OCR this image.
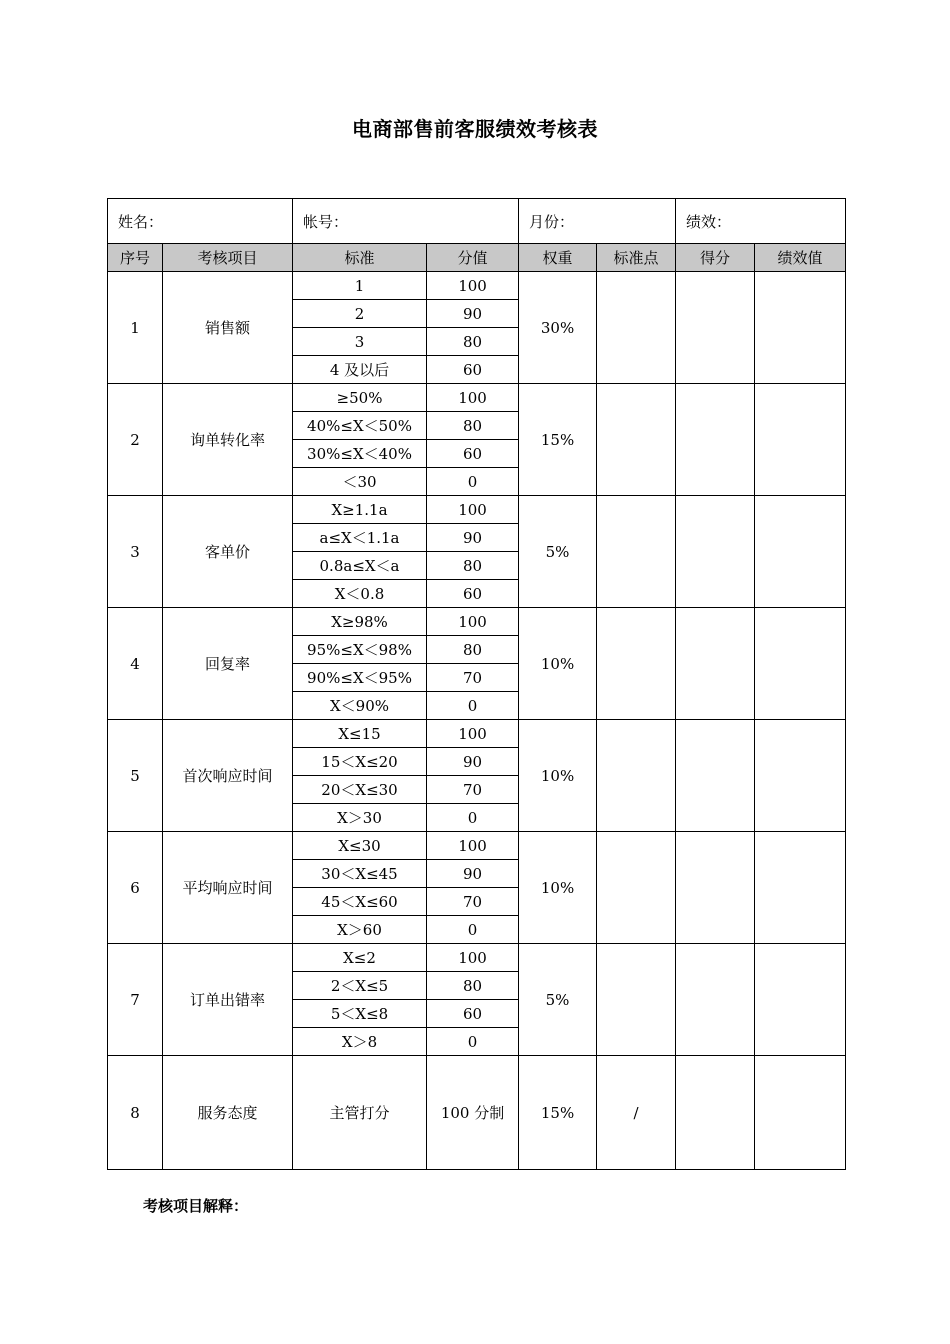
电商部售前客服绩效考核表
姓名：		帐号：		月份：		绩效：	
序号	考核项目	标准	分值	权重	标准点	得分	绩效值
1	销售额	1	100	30%			
		2	90				
		3	80				
		4 及以后	60				
2	询单转化率	≥50%	100	15%			
		40%≤X＜50%	80				
		30%≤X＜40%	60				
		＜30	0				
3	客单价	X≥1.1a	100	5%			
		a≤X＜1.1a	90				
		0.8a≤X＜a	80				
		X＜0.8	60				
4	回复率	X≥98%	100	10%			
		95%≤X＜98%	80				
		90%≤X＜95%	70				
		X＜90%	0				
5	首次响应时间	X≤15	100	10%			
		15＜X≤20	90				
		20＜X≤30	70				
		X＞30	0				
6	平均响应时间	X≤30	100	10%			
		30＜X≤45	90				
		45＜X≤60	70				
		X＞60	0				
7	订单出错率	X≤2	100	5%			
		2＜X≤5	80				
		5＜X≤8	60				
		X＞8	0				
8	服务态度	主管打分	100 分制	15%	/		
考核项目解释：
